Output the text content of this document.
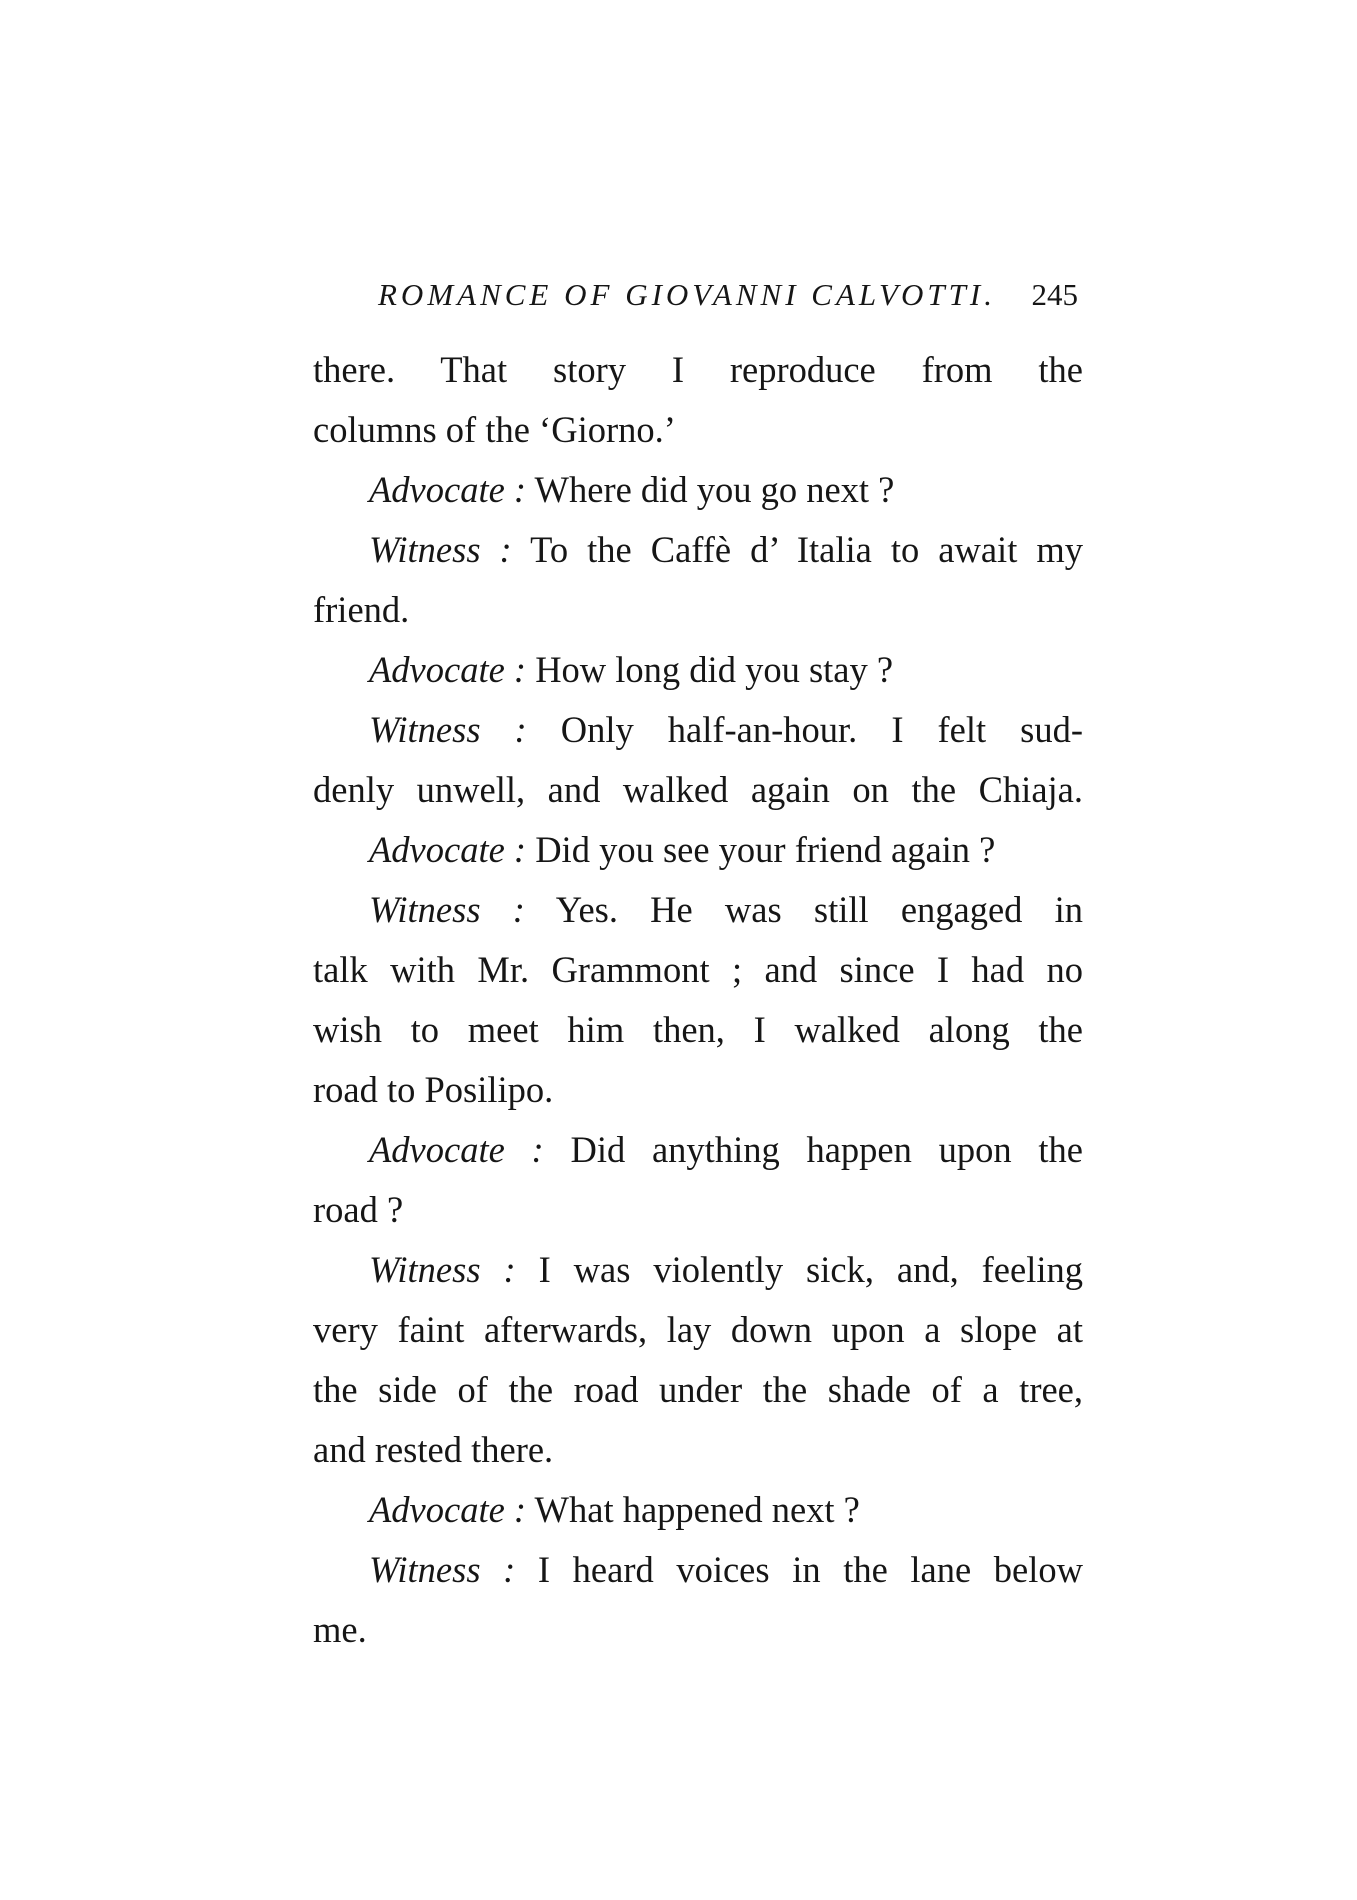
ROMANCE OF GIOVANNI CALVOTTI. 245
there. That story I reproduce from the
columns of the ‘Giorno.’
Advocate : Where did you go next ?
Witness : To the Caffè d’ Italia to await my
friend.
Advocate : How long did you stay ?
Witness : Only half-an-hour. I felt sud-
denly unwell, and walked again on the Chiaja.
Advocate : Did you see your friend again ?
Witness : Yes. He was still engaged in
talk with Mr. Grammont ; and since I had no
wish to meet him then, I walked along the
road to Posilipo.
Advocate : Did anything happen upon the
road ?
Witness : I was violently sick, and, feeling
very faint afterwards, lay down upon a slope at
the side of the road under the shade of a tree,
and rested there.
Advocate : What happened next ?
Witness : I heard voices in the lane below
me.
